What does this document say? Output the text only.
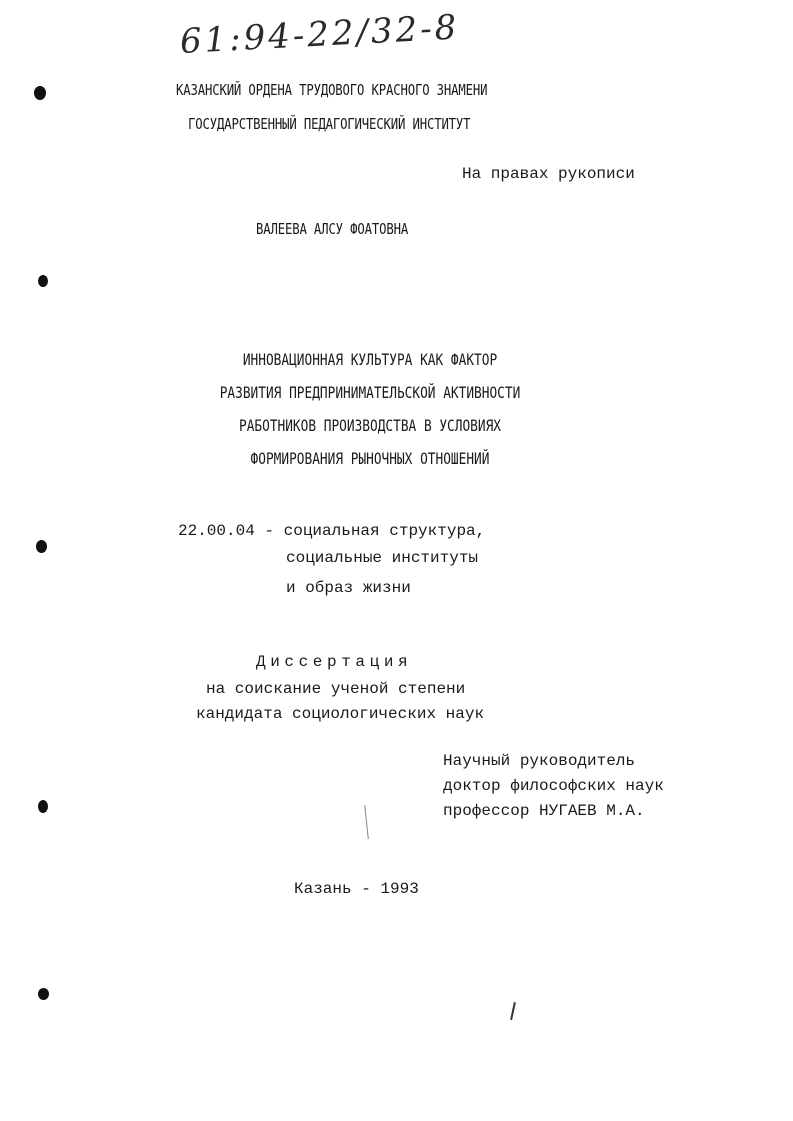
61:94-22/32-8
КАЗАНСКИЙ ОРДЕНА ТРУДОВОГО КРАСНОГО ЗНАМЕНИ
ГОСУДАРСТВЕННЫЙ ПЕДАГОГИЧЕСКИЙ ИНСТИТУТ
На правах рукописи
ВАЛЕЕВА АЛСУ ФОАТОВНА
ИННОВАЦИОННАЯ КУЛЬТУРА КАК ФАКТОР
РАЗВИТИЯ ПРЕДПРИНИМАТЕЛЬСКОЙ АКТИВНОСТИ
РАБОТНИКОВ ПРОИЗВОДСТВА В УСЛОВИЯХ
ФОРМИРОВАНИЯ РЫНОЧНЫХ ОТНОШЕНИЙ
22.00.04 - социальная структура,
социальные институты
и образ жизни
Диссертация
на соискание ученой степени
кандидата социологических наук
Научный руководитель
доктор философских наук
профессор НУГАЕВ М.А.
Казань - 1993
